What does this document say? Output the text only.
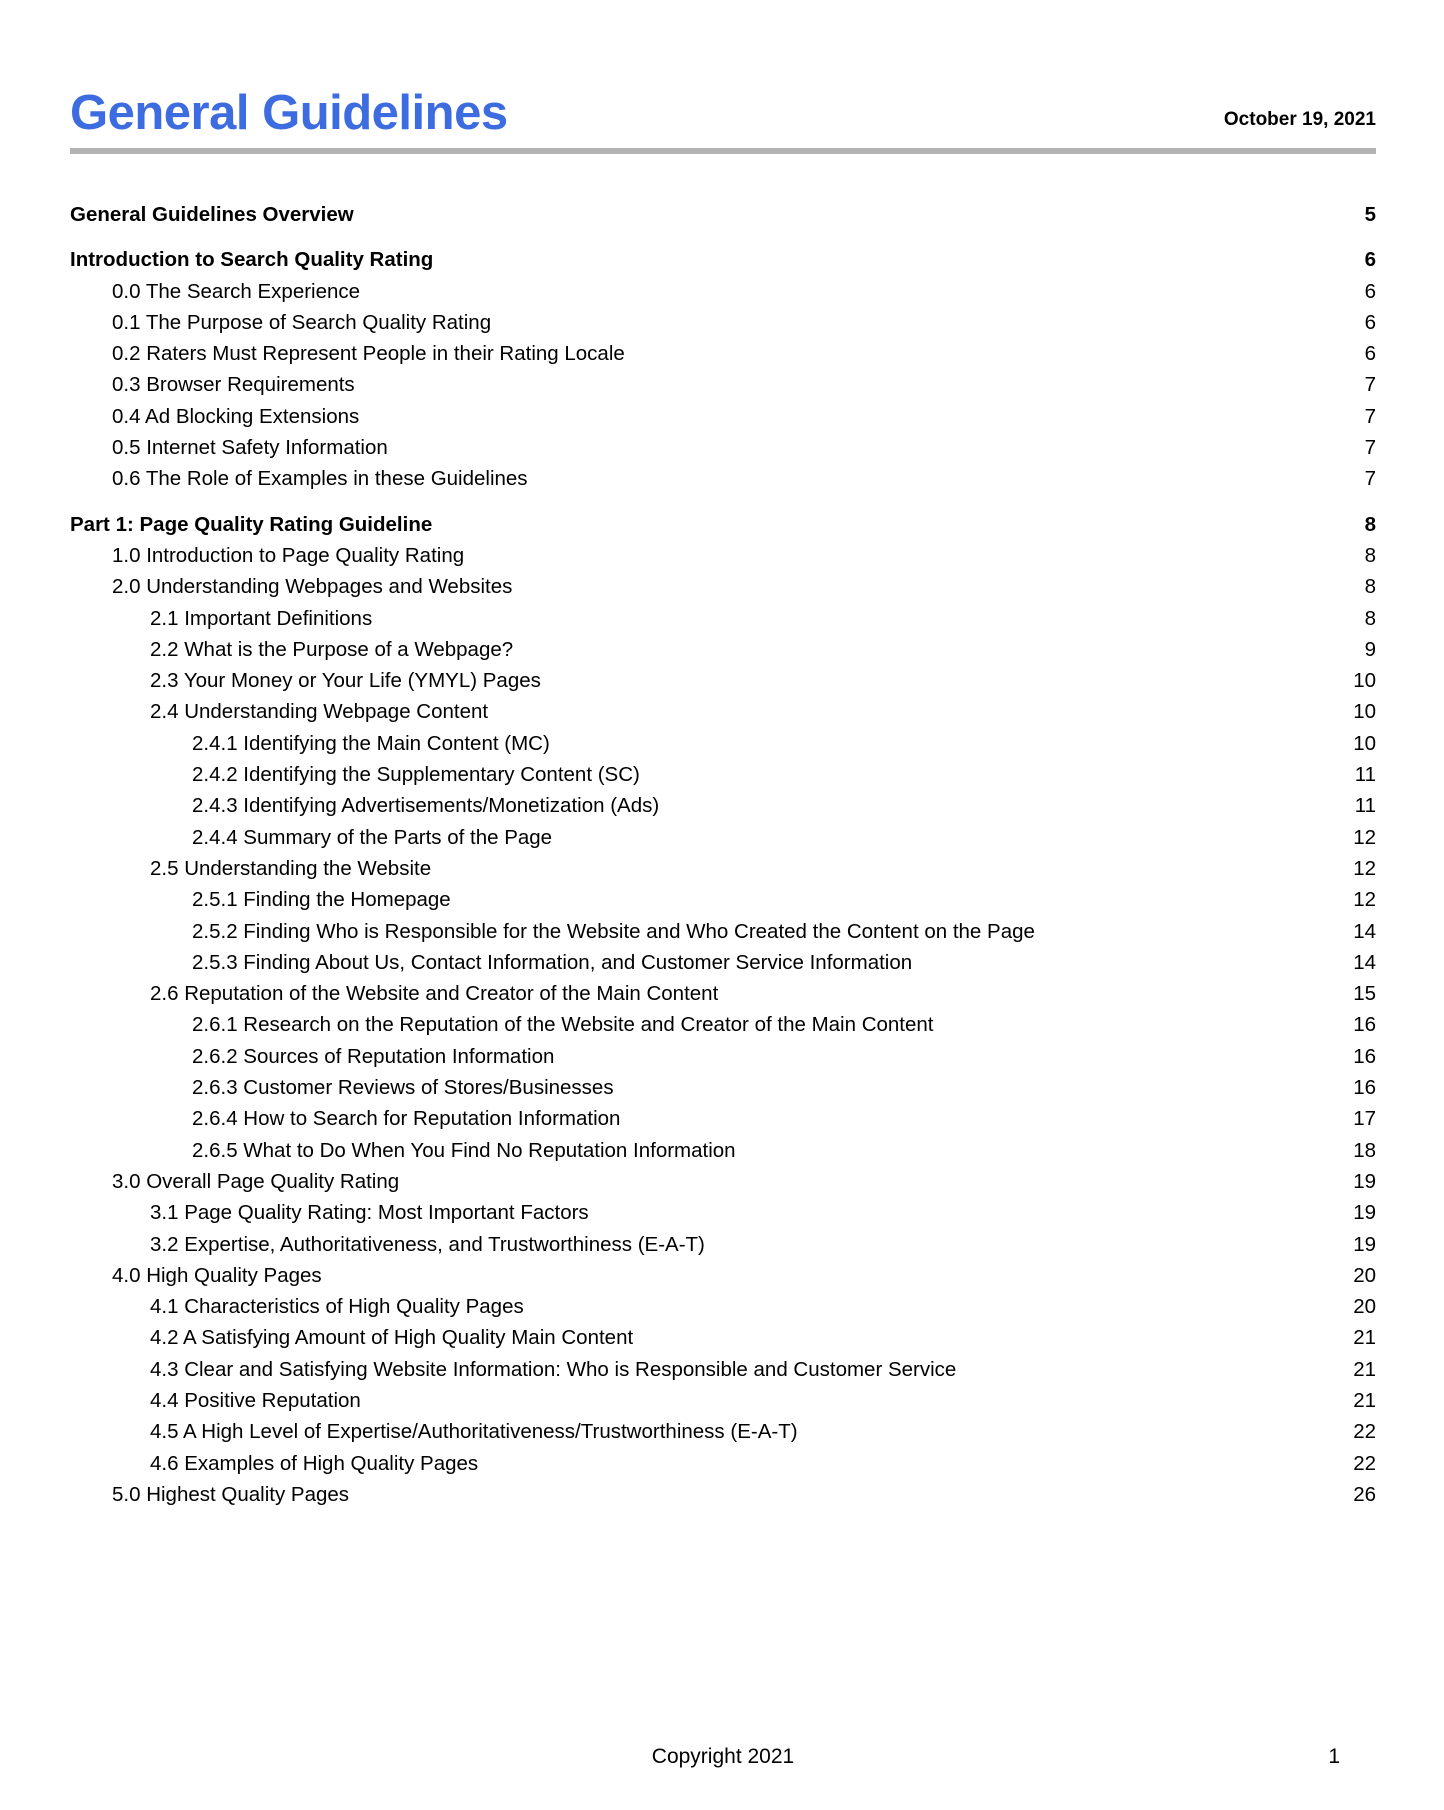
General Guidelines	October 19, 2021
General Guidelines Overview	5
Introduction to Search Quality Rating	6
0.0 The Search Experience	6
0.1 The Purpose of Search Quality Rating	6
0.2 Raters Must Represent People in their Rating Locale	6
0.3 Browser Requirements	7
0.4 Ad Blocking Extensions	7
0.5 Internet Safety Information	7
0.6 The Role of Examples in these Guidelines	7
Part 1: Page Quality Rating Guideline	8
1.0 Introduction to Page Quality Rating	8
2.0 Understanding Webpages and Websites	8
2.1 Important Definitions	8
2.2 What is the Purpose of a Webpage?	9
2.3 Your Money or Your Life (YMYL) Pages	10
2.4 Understanding Webpage Content	10
2.4.1 Identifying the Main Content (MC)	10
2.4.2 Identifying the Supplementary Content (SC)	11
2.4.3 Identifying Advertisements/Monetization (Ads)	11
2.4.4 Summary of the Parts of the Page	12
2.5 Understanding the Website	12
2.5.1 Finding the Homepage	12
2.5.2 Finding Who is Responsible for the Website and Who Created the Content on the Page	14
2.5.3 Finding About Us, Contact Information, and Customer Service Information	14
2.6 Reputation of the Website and Creator of the Main Content	15
2.6.1 Research on the Reputation of the Website and Creator of the Main Content	16
2.6.2 Sources of Reputation Information	16
2.6.3 Customer Reviews of Stores/Businesses	16
2.6.4 How to Search for Reputation Information	17
2.6.5 What to Do When You Find No Reputation Information	18
3.0 Overall Page Quality Rating	19
3.1 Page Quality Rating: Most Important Factors	19
3.2 Expertise, Authoritativeness, and Trustworthiness (E-A-T)	19
4.0 High Quality Pages	20
4.1 Characteristics of High Quality Pages	20
4.2 A Satisfying Amount of High Quality Main Content	21
4.3 Clear and Satisfying Website Information: Who is Responsible and Customer Service	21
4.4 Positive Reputation	21
4.5 A High Level of Expertise/Authoritativeness/Trustworthiness (E-A-T)	22
4.6 Examples of High Quality Pages	22
5.0 Highest Quality Pages	26
Copyright 2021	1
